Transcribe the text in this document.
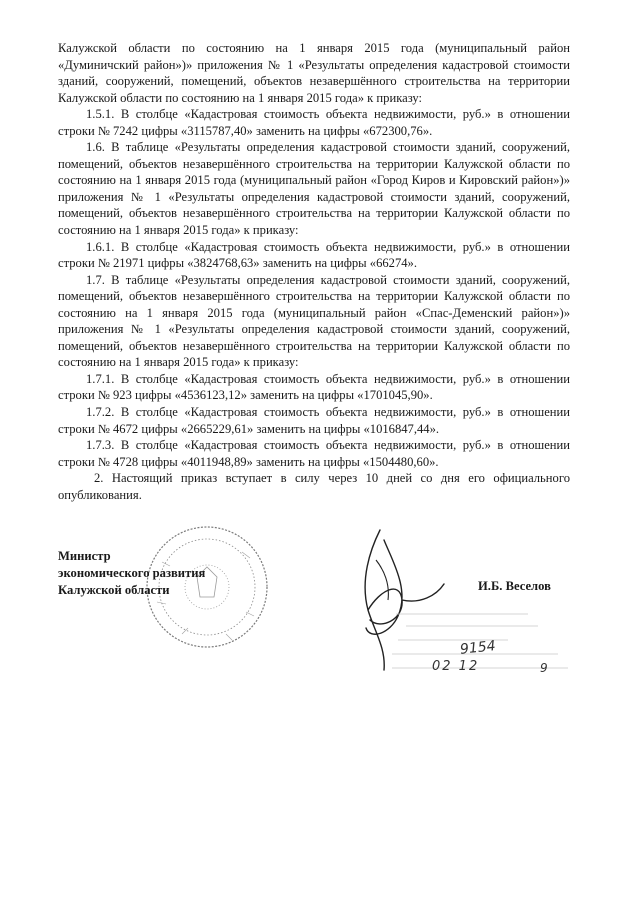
Калужской области по состоянию на 1 января 2015 года (муниципальный район «Думиничский район»)» приложения № 1 «Результаты определения кадастровой стоимости зданий, сооружений, помещений, объектов незавершённого строительства на территории Калужской области по состоянию на 1 января 2015 года» к приказу:

1.5.1. В столбце «Кадастровая стоимость объекта недвижимости, руб.» в отношении строки № 7242 цифры «3115787,40» заменить на цифры «672300,76».

1.6. В таблице «Результаты определения кадастровой стоимости зданий, сооружений, помещений, объектов незавершённого строительства на территории Калужской области по состоянию на 1 января 2015 года (муниципальный район «Город Киров и Кировский район»)» приложения № 1 «Результаты определения кадастровой стоимости зданий, сооружений, помещений, объектов незавершённого строительства на территории Калужской области по состоянию на 1 января 2015 года» к приказу:

1.6.1. В столбце «Кадастровая стоимость объекта недвижимости, руб.» в отношении строки № 21971 цифры «3824768,63» заменить на цифры «66274».

1.7. В таблице «Результаты определения кадастровой стоимости зданий, сооружений, помещений, объектов незавершённого строительства на территории Калужской области по состоянию на 1 января 2015 года (муниципальный район «Спас-Деменский район»)» приложения № 1 «Результаты определения кадастровой стоимости зданий, сооружений, помещений, объектов незавершённого строительства на территории Калужской области по состоянию на 1 января 2015 года» к приказу:

1.7.1. В столбце «Кадастровая стоимость объекта недвижимости, руб.» в отношении строки № 923 цифры «4536123,12» заменить на цифры «1701045,90».

1.7.2. В столбце «Кадастровая стоимость объекта недвижимости, руб.» в отношении строки № 4672 цифры «2665229,61» заменить на цифры «1016847,44».

1.7.3. В столбце «Кадастровая стоимость объекта недвижимости, руб.» в отношении строки № 4728 цифры «4011948,89» заменить на цифры «1504480,60».

2. Настоящий приказ вступает в силу через 10 дней со дня его официального опубликования.

Министр
экономического развития
Калужской области	И.Б. Веселов
9154
02 12	9
